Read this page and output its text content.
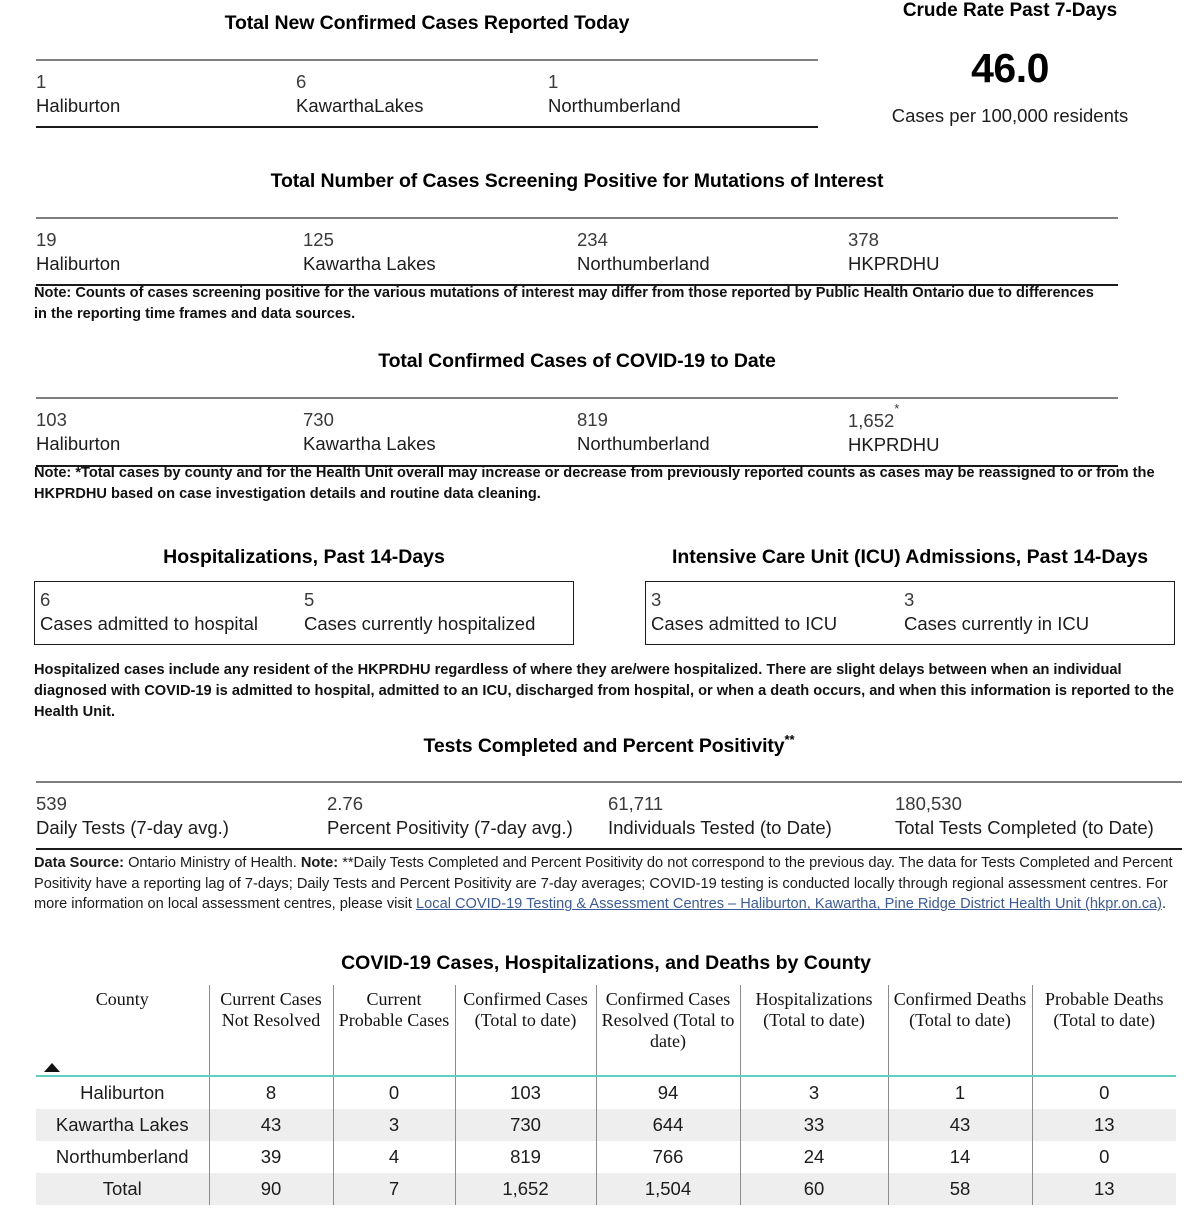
Total New Confirmed Cases Reported Today
1
Haliburton
6
KawarthaLakes
1
Northumberland
Crude Rate Past 7-Days
46.0
Cases per 100,000 residents
Total Number of Cases Screening Positive for Mutations of Interest
19
Haliburton
125
Kawartha Lakes
234
Northumberland
378
HKPRDHU
Note: Counts of cases screening positive for the various mutations of interest may differ from those reported by Public Health Ontario due to differences in the reporting time frames and data sources.
Total Confirmed Cases of COVID-19 to Date
103
Haliburton
730
Kawartha Lakes
819
Northumberland
1,652*
HKPRDHU
Note: *Total cases by county and for the Health Unit overall may increase or decrease from previously reported counts as cases may be reassigned to or from the HKPRDHU based on case investigation details and routine data cleaning.
Hospitalizations, Past 14-Days
6
Cases admitted to hospital
5
Cases currently hospitalized
Intensive Care Unit (ICU) Admissions, Past 14-Days
3
Cases admitted to ICU
3
Cases currently in ICU
Hospitalized cases include any resident of the HKPRDHU regardless of where they are/were hospitalized. There are slight delays between when an individual diagnosed with COVID-19 is admitted to hospital, admitted to an ICU, discharged from hospital, or when a death occurs, and when this information is reported to the Health Unit.
Tests Completed and Percent Positivity**
539
Daily Tests (7-day avg.)
2.76
Percent Positivity (7-day avg.)
61,711
Individuals Tested (to Date)
180,530
Total Tests Completed (to Date)
Data Source: Ontario Ministry of Health. Note: **Daily Tests Completed and Percent Positivity do not correspond to the previous day. The data for Tests Completed and Percent Positivity have a reporting lag of 7-days; Daily Tests and Percent Positivity are 7-day averages; COVID-19 testing is conducted locally through regional assessment centres. For more information on local assessment centres, please visit Local COVID-19 Testing & Assessment Centres – Haliburton, Kawartha, Pine Ridge District Health Unit (hkpr.on.ca).
COVID-19 Cases, Hospitalizations, and Deaths by County
County	Current Cases Not Resolved	Current Probable Cases	Confirmed Cases (Total to date)	Confirmed Cases Resolved (Total to date)	Hospitalizations (Total to date)	Confirmed Deaths (Total to date)	Probable Deaths (Total to date)
Haliburton	8	0	103	94	3	1	0
Kawartha Lakes	43	3	730	644	33	43	13
Northumberland	39	4	819	766	24	14	0
Total	90	7	1,652	1,504	60	58	13
